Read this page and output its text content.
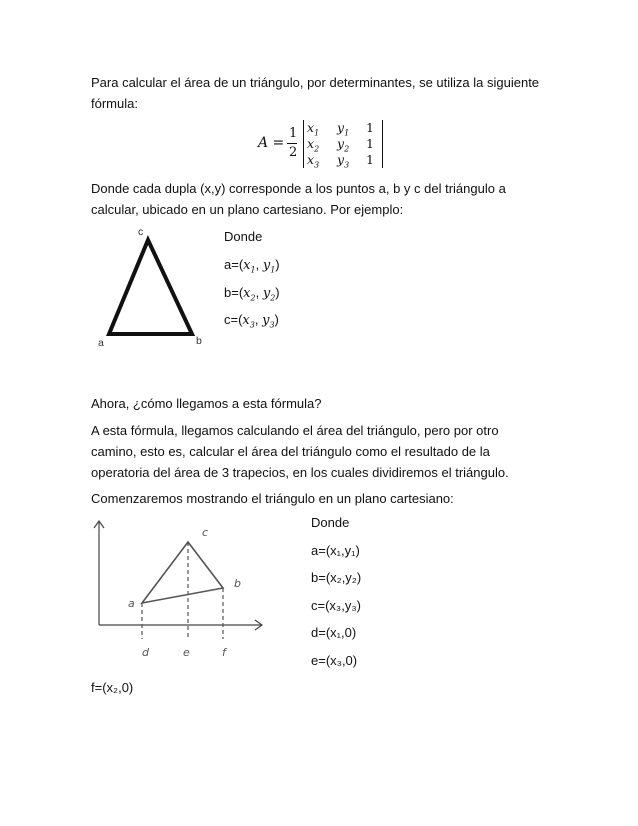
Para calcular el área de un triángulo, por determinantes, se utiliza la siguiente
fórmula:
A =
1
2
$x_1$ $y_1$ 1
$x_2$ $y_2$ 1
$x_3$ $y_3$ 1
Donde cada dupla (x,y) corresponde a los puntos a, b y c del triángulo a
calcular, ubicado en un plano cartesiano. Por ejemplo:
c
a	b
Donde
$a=(x_1$, $y_1$)
$b=(x_2$, $y_2$)
$c=(x_3$, $y_3$)
Ahora, ¿cómo llegamos a esta fórmula?
A esta fórmula, llegamos calculando el área del triángulo, pero por otro
camino, esto es, calcular el área del triángulo como el resultado de la
operatoria del área de 3 trapecios, en los cuales dividiremos el triángulo.
Comenzaremos mostrando el triángulo en un plano cartesiano:
a
c
b
d	e	f
Donde
a=(x₁,y₁)
b=(x₂,y₂)
c=(x₃,y₃)
d=(x₁,0)
e=(x₃,0)
f=(x₂,0)
